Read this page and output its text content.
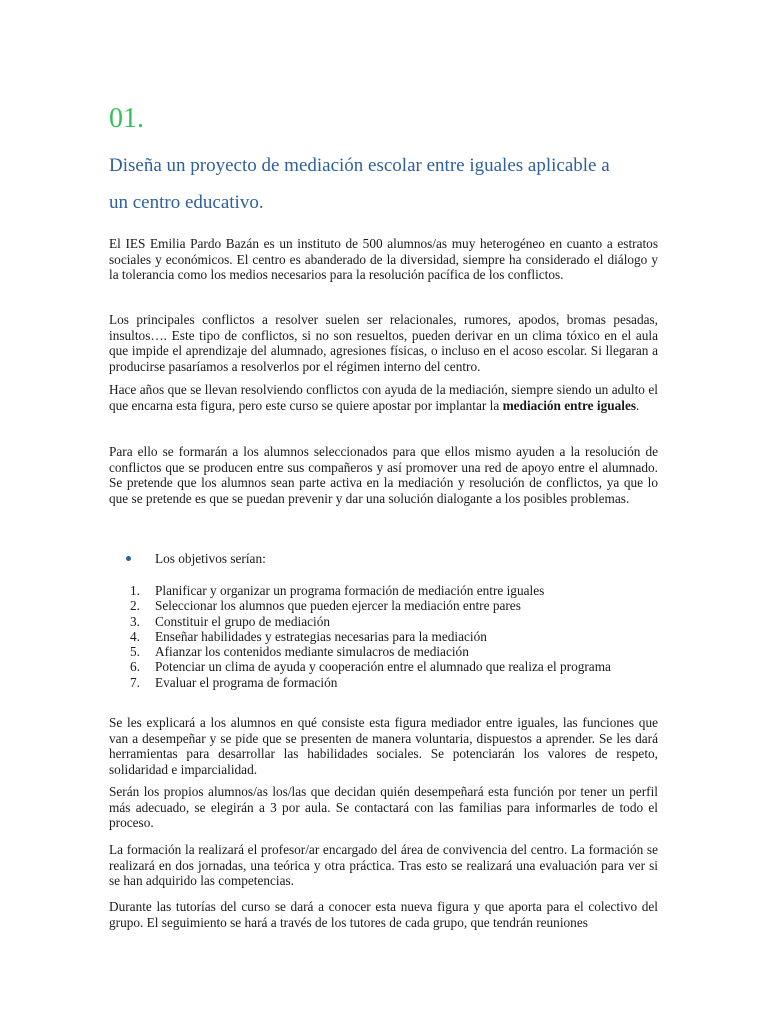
01.
Diseña un proyecto de mediación escolar entre iguales aplicable a
un centro educativo.

El IES Emilia Pardo Bazán es un instituto de 500 alumnos/as muy heterogéneo en cuanto a estratos sociales y económicos. El centro es abanderado de la diversidad, siempre ha considerado el diálogo y la tolerancia como los medios necesarios para la resolución pacífica de los conflictos.

Los principales conflictos a resolver suelen ser relacionales, rumores, apodos, bromas pesadas, insultos…. Este tipo de conflictos, si no son resueltos, pueden derivar en un clima tóxico en el aula que impide el aprendizaje del alumnado, agresiones físicas, o incluso en el acoso escolar. Si llegaran a producirse pasaríamos a resolverlos por el régimen interno del centro.

Hace años que se llevan resolviendo conflictos con ayuda de la mediación, siempre siendo un adulto el que encarna esta figura, pero este curso se quiere apostar por implantar la mediación entre iguales.

Para ello se formarán a los alumnos seleccionados para que ellos mismo ayuden a la resolución de conflictos que se producen entre sus compañeros y así promover una red de apoyo entre el alumnado. Se pretende que los alumnos sean parte activa en la mediación y resolución de conflictos, ya que lo que se pretende es que se puedan prevenir y dar una solución dialogante a los posibles problemas.

Los objetivos serían:
1. Planificar y organizar un programa formación de mediación entre iguales
2. Seleccionar los alumnos que pueden ejercer la mediación entre pares
3. Constituir el grupo de mediación
4. Enseñar habilidades y estrategias necesarias para la mediación
5. Afianzar los contenidos mediante simulacros de mediación
6. Potenciar un clima de ayuda y cooperación entre el alumnado que realiza el programa
7. Evaluar el programa de formación

Se les explicará a los alumnos en qué consiste esta figura mediador entre iguales, las funciones que van a desempeñar y se pide que se presenten de manera voluntaria, dispuestos a aprender. Se les dará herramientas para desarrollar las habilidades sociales. Se potenciarán los valores de respeto, solidaridad e imparcialidad.

Serán los propios alumnos/as los/las que decidan quién desempeñará esta función por tener un perfil más adecuado, se elegirán a 3 por aula. Se contactará con las familias para informarles de todo el proceso.

La formación la realizará el profesor/ar encargado del área de convivencia del centro. La formación se realizará en dos jornadas, una teórica y otra práctica. Tras esto se realizará una evaluación para ver si se han adquirido las competencias.

Durante las tutorías del curso se dará a conocer esta nueva figura y que aporta para el colectivo del grupo. El seguimiento se hará a través de los tutores de cada grupo, que tendrán reuniones
